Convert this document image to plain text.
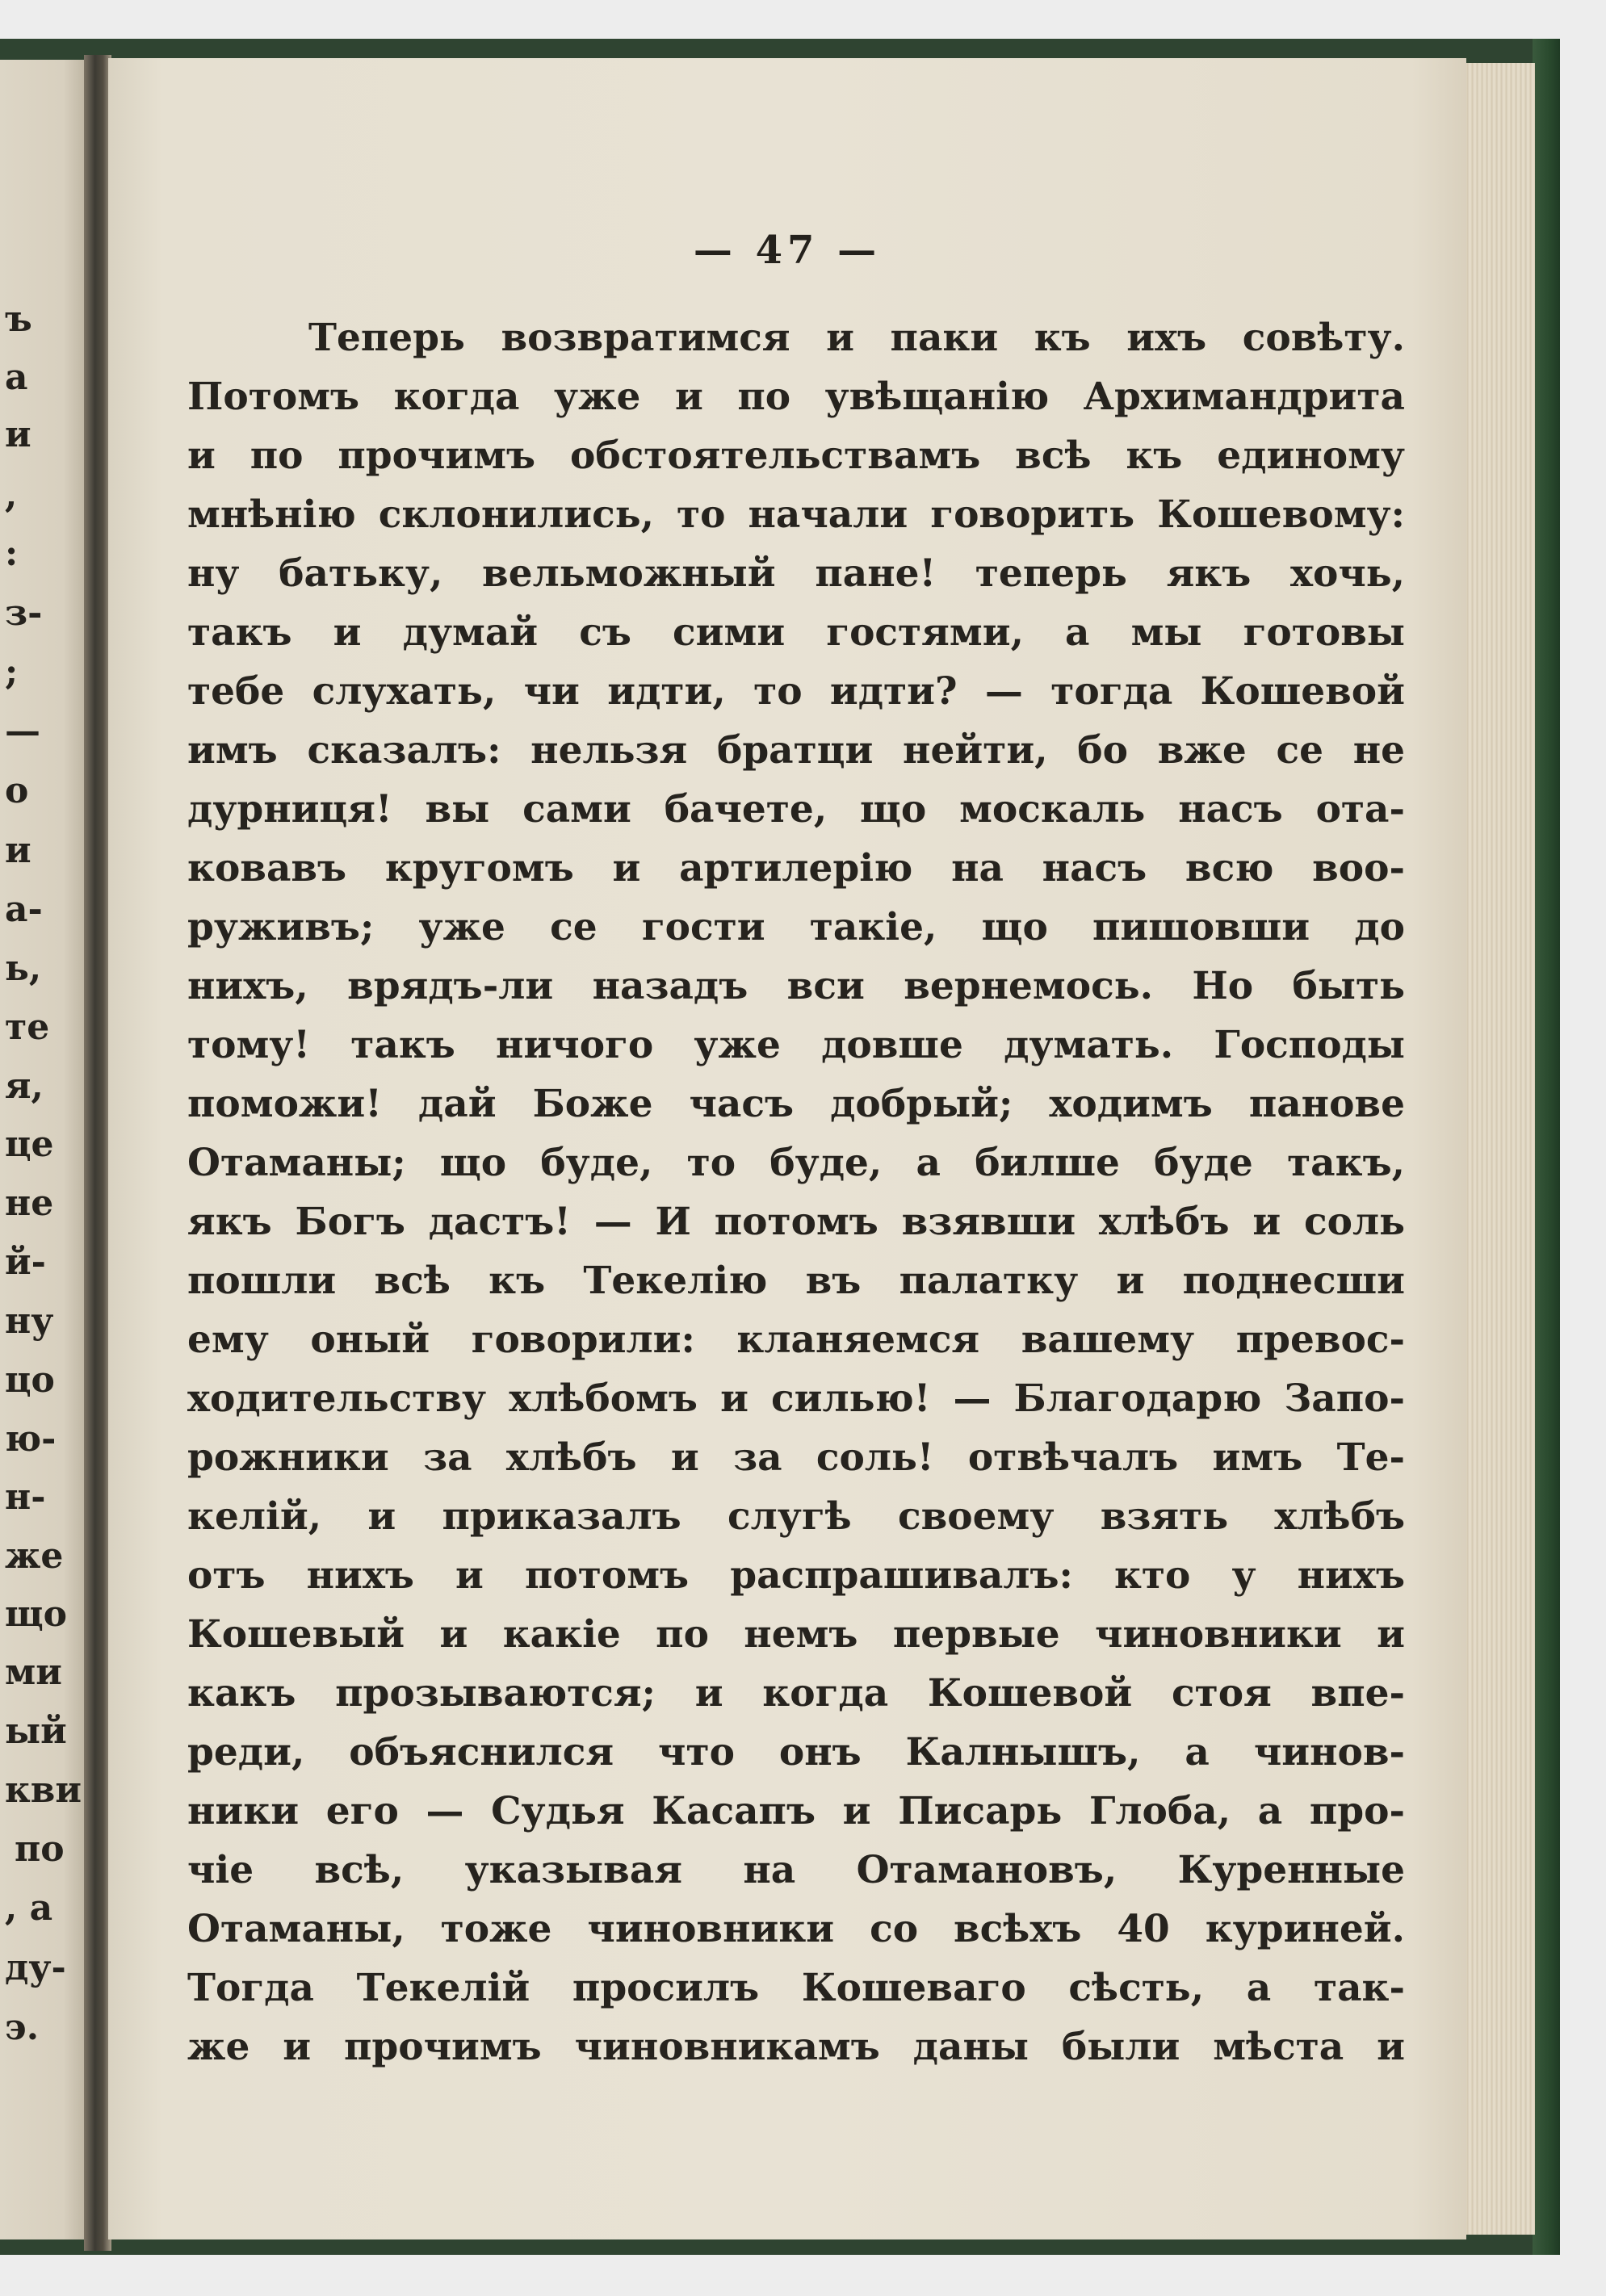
ъ
а
и
,
:
з-
;
—
о
и
а-
ь,
те
я,
це
не
й-
ну
цо
ю-
н-
же
що
ми
ый
кви
по
, а
ду-
э.
— 47 —
Теперь возвратимся и паки къ ихъ совѣту.
Потомъ когда уже и по увѣщанію Архимандрита
и по прочимъ обстоятельствамъ всѣ къ единому
мнѣнію склонились, то начали говорить Кошевому:
ну батьку, вельможный пане! теперь якъ хочь,
такъ и думай съ сими гостями, а мы готовы
тебе слухать, чи идти, то идти? — тогда Кошевой
имъ сказалъ: нельзя братци нейти, бо вже се не
дурниця! вы сами бачете, що москаль насъ ота-
ковавъ кругомъ и артилерію на насъ всю воо-
руживъ; уже се гости такіе, що пишовши до
нихъ, врядъ-ли назадъ вси вернемось. Но быть
тому! такъ ничого уже довше думать. Господы
поможи! дай Боже часъ добрый; ходимъ панове
Отаманы; що буде, то буде, а билше буде такъ,
якъ Богъ дастъ! — И потомъ взявши хлѣбъ и соль
пошли всѣ къ Текелію въ палатку и поднесши
ему оный говорили: кланяемся вашему превос-
ходительству хлѣбомъ и силью! — Благодарю Запо-
рожники за хлѣбъ и за соль! отвѣчалъ имъ Те-
келій, и приказалъ слугѣ своему взять хлѣбъ
отъ нихъ и потомъ распрашивалъ: кто у нихъ
Кошевый и какіе по немъ первые чиновники и
какъ прозываются; и когда Кошевой стоя впе-
реди, объяснился что онъ Калнышъ, а чинов-
ники его — Судья Касапъ и Писарь Глоба, а про-
чіе всѣ, указывая на Отамановъ, Куренные
Отаманы, тоже чиновники со всѣхъ 40 куриней.
Тогда Текелій просилъ Кошеваго сѣсть, а так-
же и прочимъ чиновникамъ даны были мѣста и
